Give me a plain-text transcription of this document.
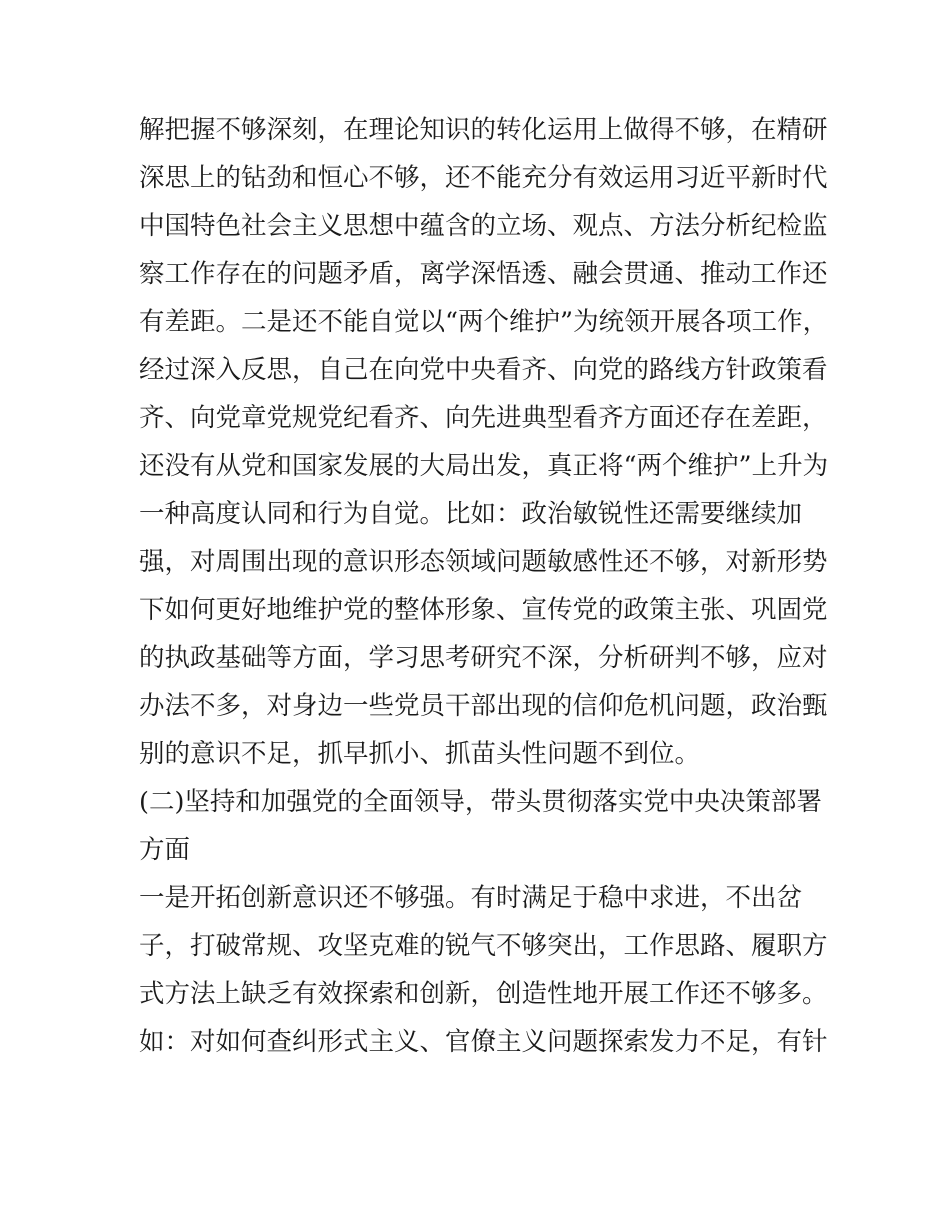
解把握不够深刻，在理论知识的转化运用上做得不够，在精研
深思上的钻劲和恒心不够，还不能充分有效运用习近平新时代
中国特色社会主义思想中蕴含的立场、观点、方法分析纪检监
察工作存在的问题矛盾，离学深悟透、融会贯通、推动工作还
有差距。二是还不能自觉以“两个维护”为统领开展各项工作，
经过深入反思，自己在向党中央看齐、向党的路线方针政策看
齐、向党章党规党纪看齐、向先进典型看齐方面还存在差距，
还没有从党和国家发展的大局出发，真正将“两个维护”上升为
一种高度认同和行为自觉。比如：政治敏锐性还需要继续加
强，对周围出现的意识形态领域问题敏感性还不够，对新形势
下如何更好地维护党的整体形象、宣传党的政策主张、巩固党
的执政基础等方面，学习思考研究不深，分析研判不够，应对
办法不多，对身边一些党员干部出现的信仰危机问题，政治甄
别的意识不足，抓早抓小、抓苗头性问题不到位。
(二)坚持和加强党的全面领导，带头贯彻落实党中央决策部署
方面
一是开拓创新意识还不够强。有时满足于稳中求进，不出岔
子，打破常规、攻坚克难的锐气不够突出，工作思路、履职方
式方法上缺乏有效探索和创新，创造性地开展工作还不够多。
如：对如何查纠形式主义、官僚主义问题探索发力不足，有针
